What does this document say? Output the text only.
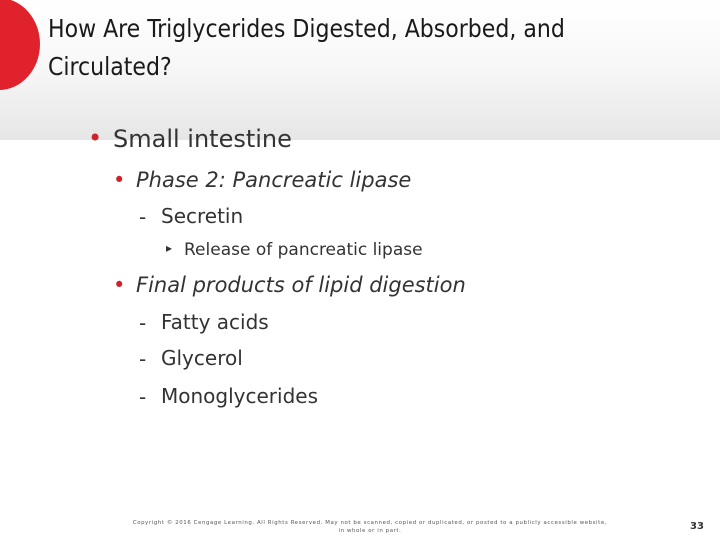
How Are Triglycerides Digested, Absorbed, and
Circulated?
• Small intestine
• Phase 2: Pancreatic lipase
- Secretin
▸ Release of pancreatic lipase
• Final products of lipid digestion
- Fatty acids
- Glycerol
- Monoglycerides
Copyright © 2016 Cengage Learning. All Rights Reserved. May not be scanned, copied or duplicated, or posted to a publicly accessible website,
in whole or in part.	33
